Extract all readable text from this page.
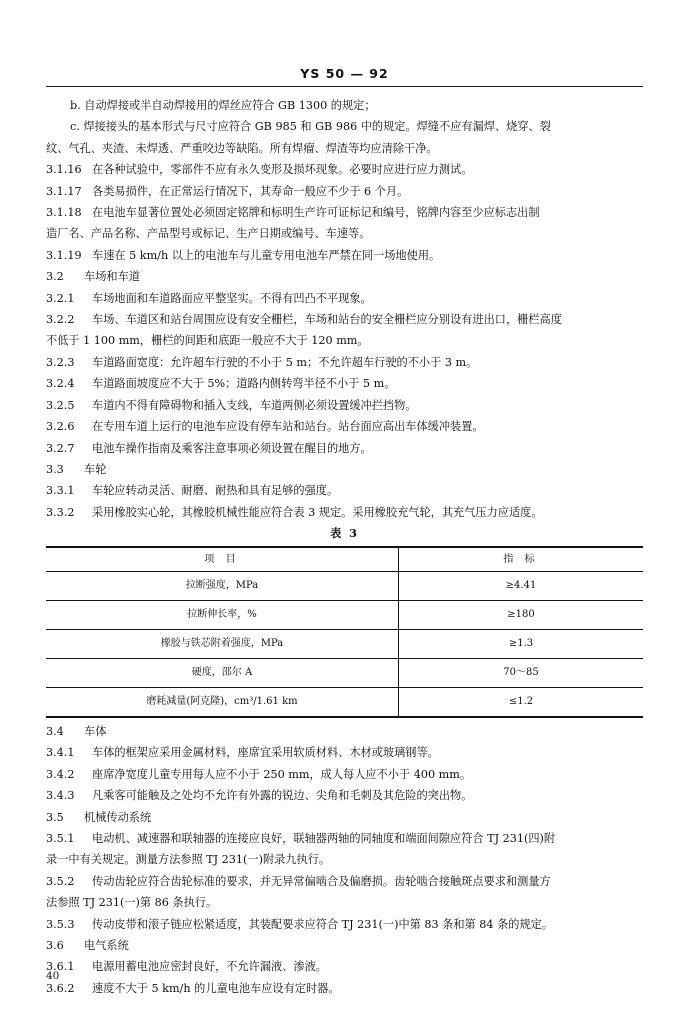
YS 50 — 92
b. 自动焊接或半自动焊接用的焊丝应符合 GB 1300 的规定；
c. 焊接接头的基本形式与尺寸应符合 GB 985 和 GB 986 中的规定。焊缝不应有漏焊、烧穿、裂
纹、气孔、夹渣、未焊透、严重咬边等缺陷。所有焊瘤、焊渣等均应清除干净。
3.1.16 在各种试验中，零部件不应有永久变形及损坏现象。必要时应进行应力测试。
3.1.17 各类易损件，在正常运行情况下，其寿命一般应不少于 6 个月。
3.1.18 在电池车显著位置处必须固定铭牌和标明生产许可证标记和编号，铭牌内容至少应标志出制
造厂名、产品名称、产品型号或标记、生产日期或编号、车速等。
3.1.19 车速在 5 km/h 以上的电池车与儿童专用电池车严禁在同一场地使用。
3.2 车场和车道
3.2.1 车场地面和车道路面应平整坚实。不得有凹凸不平现象。
3.2.2 车场、车道区和站台周围应设有安全栅栏，车场和站台的安全栅栏应分别设有进出口，栅栏高度
不低于 1 100 mm，栅栏的间距和底距一般应不大于 120 mm。
3.2.3 车道路面宽度：允许超车行驶的不小于 5 m；不允许超车行驶的不小于 3 m。
3.2.4 车道路面坡度应不大于 5%；道路内侧转弯半径不小于 5 m。
3.2.5 车道内不得有障碍物和插入支线，车道两侧必须设置缓冲拦挡物。
3.2.6 在专用车道上运行的电池车应设有停车站和站台。站台面应高出车体缓冲装置。
3.2.7 电池车操作指南及乘客注意事项必须设置在醒目的地方。
3.3 车轮
3.3.1 车轮应转动灵活、耐磨、耐热和具有足够的强度。
3.3.2 采用橡胶实心轮，其橡胶机械性能应符合表 3 规定。采用橡胶充气轮，其充气压力应适度。
表 3
项 目	指 标
拉断强度，MPa	≥4.41
拉断伸长率，%	≥180
橡胶与铁芯附着强度，MPa	≥1.3
硬度，邵尔 A	70～85
磨耗减量(阿克隆)，cm³/1.61 km	≤1.2
3.4 车体
3.4.1 车体的框架应采用金属材料，座席宜采用软质材料、木材或玻璃钢等。
3.4.2 座席净宽度儿童专用每人应不小于 250 mm，成人每人应不小于 400 mm。
3.4.3 凡乘客可能触及之处均不允许有外露的锐边、尖角和毛刺及其危险的突出物。
3.5 机械传动系统
3.5.1 电动机、减速器和联轴器的连接应良好，联轴器两轴的同轴度和端面间隙应符合 TJ 231(四)附
录一中有关规定。测量方法参照 TJ 231(一)附录九执行。
3.5.2 传动齿轮应符合齿轮标准的要求，并无异常偏啮合及偏磨损。齿轮啮合接触斑点要求和测量方
法参照 TJ 231(一)第 86 条执行。
3.5.3 传动皮带和滚子链应松紧适度，其装配要求应符合 TJ 231(一)中第 83 条和第 84 条的规定。
3.6 电气系统
3.6.1 电源用蓄电池应密封良好，不允许漏液、渗液。
3.6.2 速度不大于 5 km/h 的儿童电池车应设有定时器。
40
